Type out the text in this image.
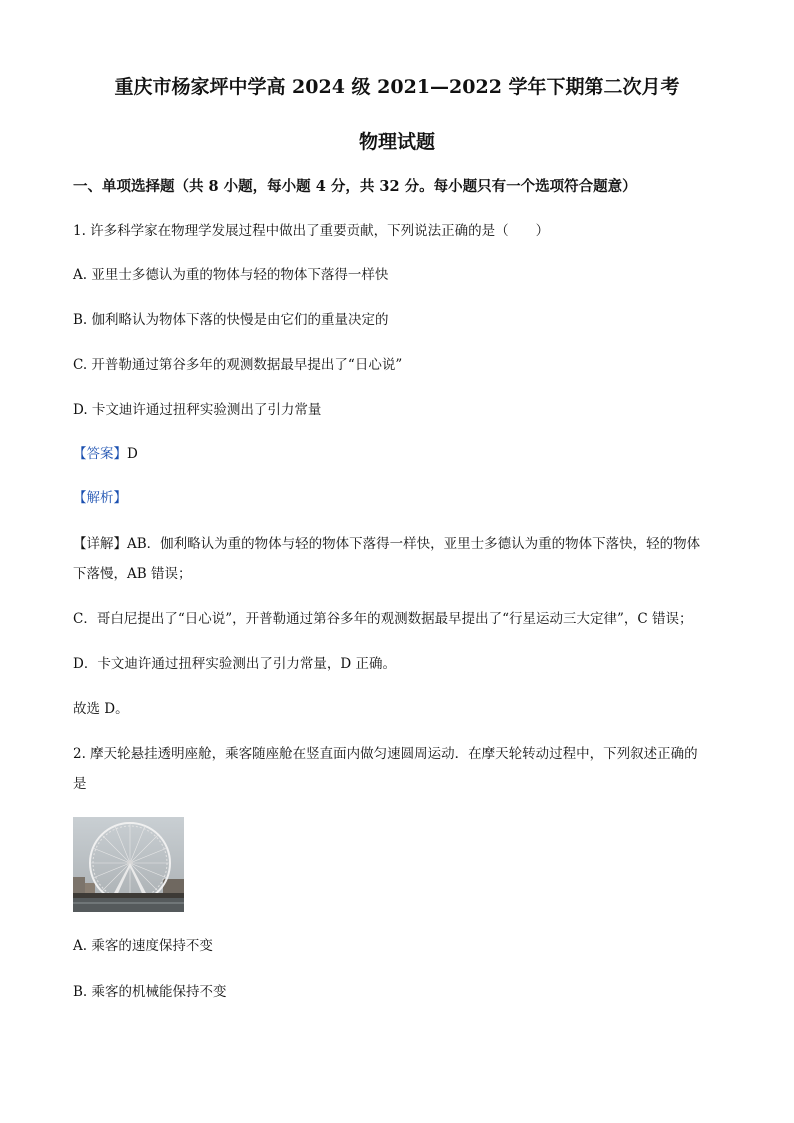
重庆市杨家坪中学高 2024 级 2021—2022 学年下期第二次月考
物理试题
一、单项选择题（共 8 小题，每小题 4 分，共 32 分。每小题只有一个选项符合题意）
1. 许多科学家在物理学发展过程中做出了重要贡献，下列说法正确的是（　　）
A. 亚里士多德认为重的物体与轻的物体下落得一样快
B. 伽利略认为物体下落的快慢是由它们的重量决定的
C. 开普勒通过第谷多年的观测数据最早提出了“日心说”
D. 卡文迪许通过扭秤实验测出了引力常量
【答案】D
【解析】
【详解】AB．伽利略认为重的物体与轻的物体下落得一样快，亚里士多德认为重的物体下落快，轻的物体
下落慢，AB 错误；
C．哥白尼提出了“日心说”，开普勒通过第谷多年的观测数据最早提出了“行星运动三大定律”，C 错误；
D．卡文迪许通过扭秤实验测出了引力常量，D 正确。
故选 D。
2. 摩天轮悬挂透明座舱，乘客随座舱在竖直面内做匀速圆周运动．在摩天轮转动过程中，下列叙述正确的
是
A. 乘客的速度保持不变
B. 乘客的机械能保持不变
